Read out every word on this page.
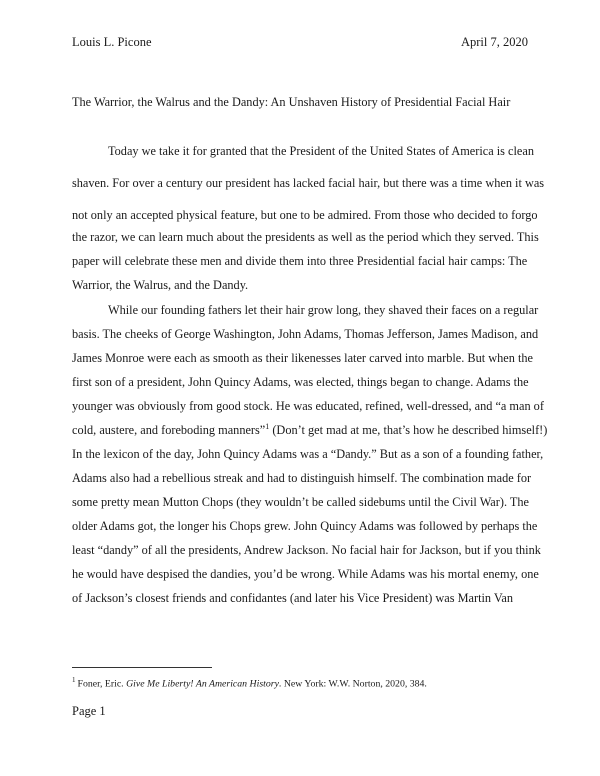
Louis L. Picone	April 7, 2020
The Warrior, the Walrus and the Dandy: An Unshaven History of Presidential Facial Hair
Today we take it for granted that the President of the United States of America is clean
shaven. For over a century our president has lacked facial hair, but there was a time when it was
not only an accepted physical feature, but one to be admired. From those who decided to forgo
the razor, we can learn much about the presidents as well as the period which they served. This
paper will celebrate these men and divide them into three Presidential facial hair camps: The
Warrior, the Walrus, and the Dandy.
While our founding fathers let their hair grow long, they shaved their faces on a regular
basis. The cheeks of George Washington, John Adams, Thomas Jefferson, James Madison, and
James Monroe were each as smooth as their likenesses later carved into marble. But when the
first son of a president, John Quincy Adams, was elected, things began to change. Adams the
younger was obviously from good stock. He was educated, refined, well-dressed, and “a man of
cold, austere, and foreboding manners”$^1$ (Don’t get mad at me, that’s how he described himself!)
In the lexicon of the day, John Quincy Adams was a “Dandy.” But as a son of a founding father,
Adams also had a rebellious streak and had to distinguish himself. The combination made for
some pretty mean Mutton Chops (they wouldn’t be called sidebums until the Civil War). The
older Adams got, the longer his Chops grew. John Quincy Adams was followed by perhaps the
least “dandy” of all the presidents, Andrew Jackson. No facial hair for Jackson, but if you think
he would have despised the dandies, you’d be wrong. While Adams was his mortal enemy, one
of Jackson’s closest friends and confidantes (and later his Vice President) was Martin Van
$^1$ Foner, Eric. Give Me Liberty! An American History. New York: W.W. Norton, 2020, 384.
Page 1
